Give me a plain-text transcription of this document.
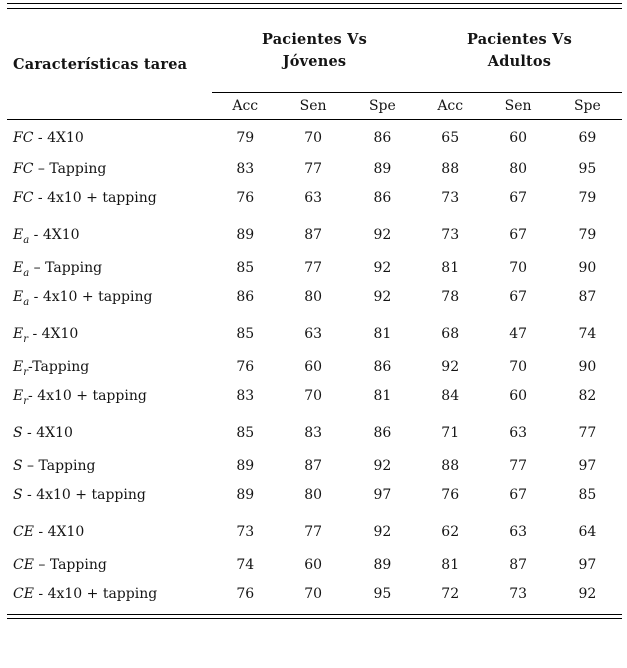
Características tarea	Pacientes Vs
Jóvenes			Pacientes Vs
Adultos		
	Acc	Sen	Spe	Acc	Sen	Spe
FC - 4X10	79	70	86	65	60	69
FC – Tapping	83	77	89	88	80	95
FC - 4x10 + tapping	76	63	86	73	67	79
$E_a - 4X10$	89	87	92	73	67	79
$E_a$ – Tapping	85	77	92	81	70	90
$E_a - 4x10$ + tapping	86	80	92	78	67	87
$E_r - 4X10$	85	63	81	68	47	74
$E_r$-Tapping	76	60	86	92	70	90
$E_r-$ 4x10 + tapping	83	70	81	84	60	82
S - 4X10	85	83	86	71	63	77
S – Tapping	89	87	92	88	77	97
S - 4x10 + tapping	89	80	97	76	67	85
CE - 4X10	73	77	92	62	63	64
CE – Tapping	74	60	89	81	87	97
CE - 4x10 + tapping	76	70	95	72	73	92
